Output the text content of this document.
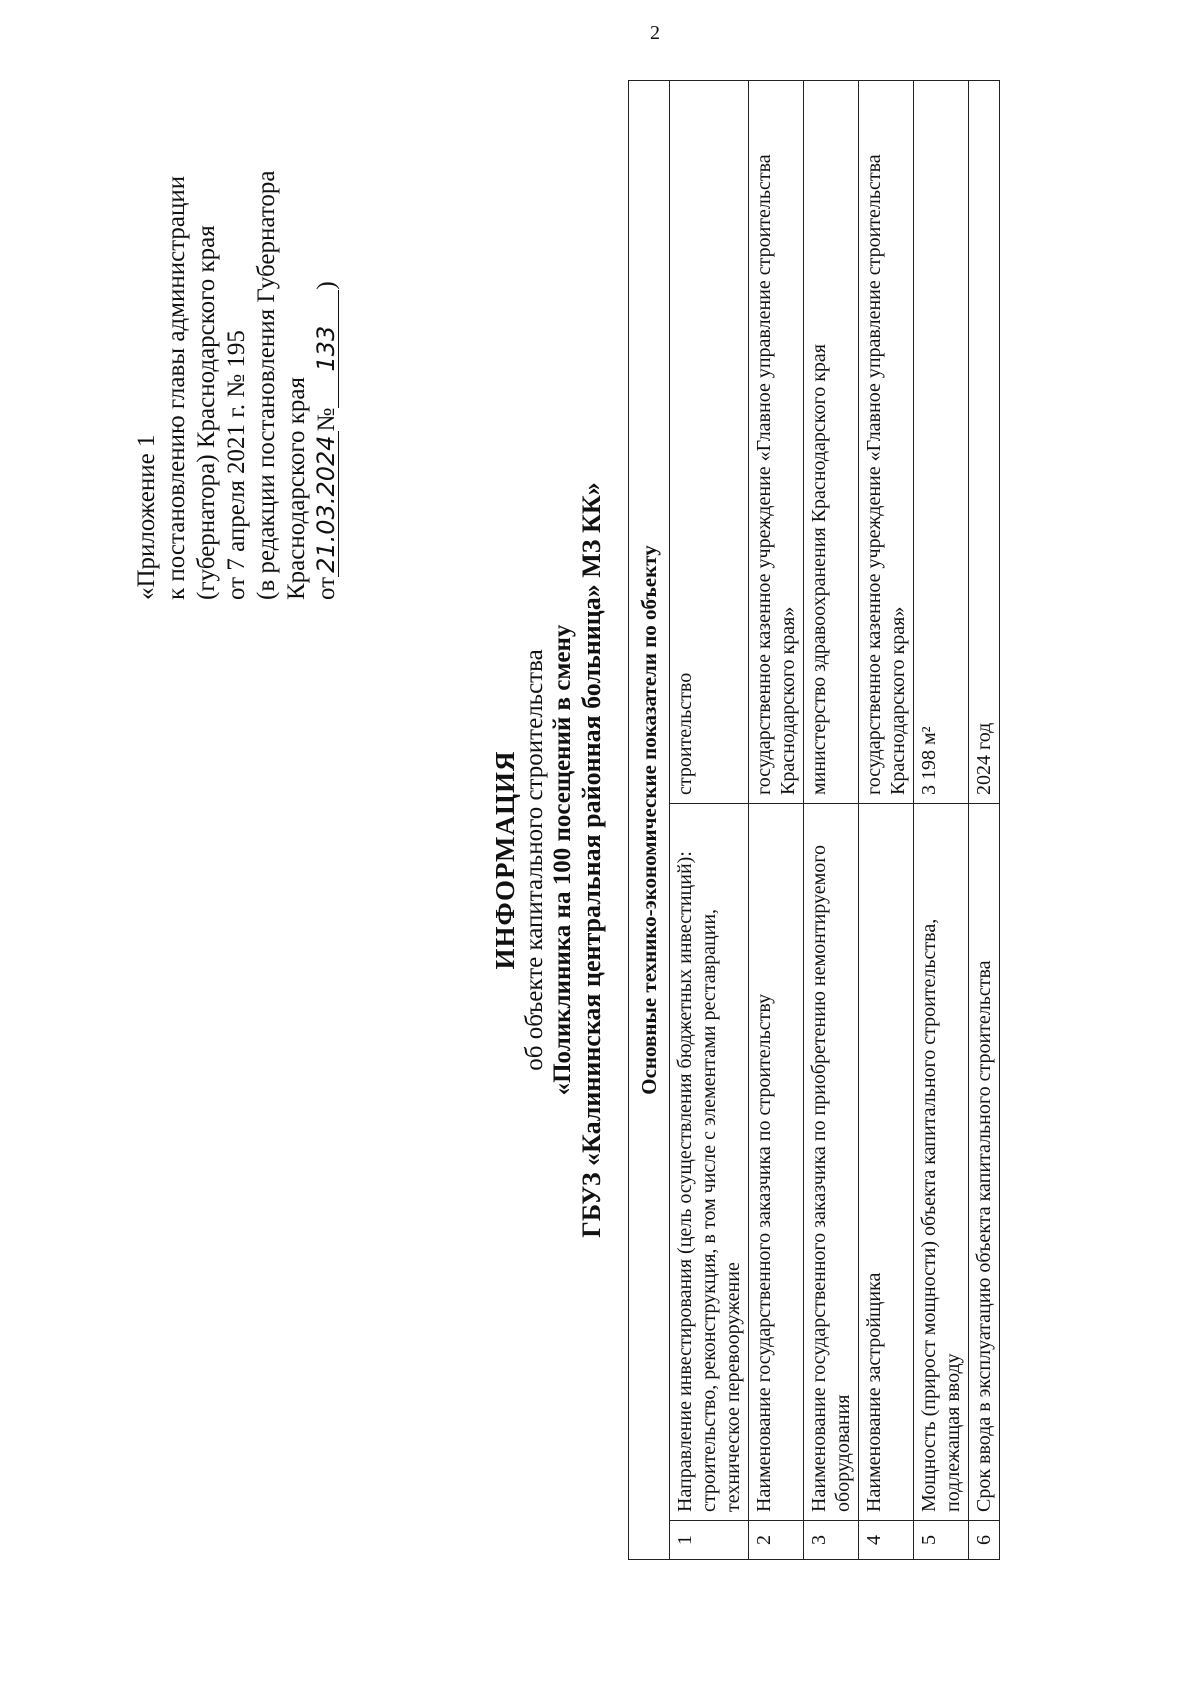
2
«Приложение 1 к постановлению главы администрации (губернатора) Краснодарского края от 7 апреля 2021 г. № 195 (в редакции постановления Губернатора Краснодарского края от21.03.2024№133)
ИНФОРМАЦИЯ об объекте капитального строительства «Поликлиника на 100 посещений в смену ГБУЗ «Калининская центральная районная больница» МЗ КК» Основные технико-экономические показатели по объекту		
1	Направление инвестирования (цель осуществления бюджетных инвестиций): строительство, реконструкция, в том числе с элементами реставрации, техническое перевооружение	строительство
2	Наименование государственного заказчика по строительству	государственное казенное учреждение «Главное управление строительства Краснодарского края»
3	Наименование государственного заказчика по приобретению немонтируемого оборудования	министерство здравоохранения Краснодарского края
4	Наименование застройщика	государственное казенное учреждение «Главное управление строительства Краснодарского края»
5	Мощность (прирост мощности) объекта капитального строительства, подлежащая вводу	3 198 м²
6	Срок ввода в эксплуатацию объекта капитального строительства	2024 год
